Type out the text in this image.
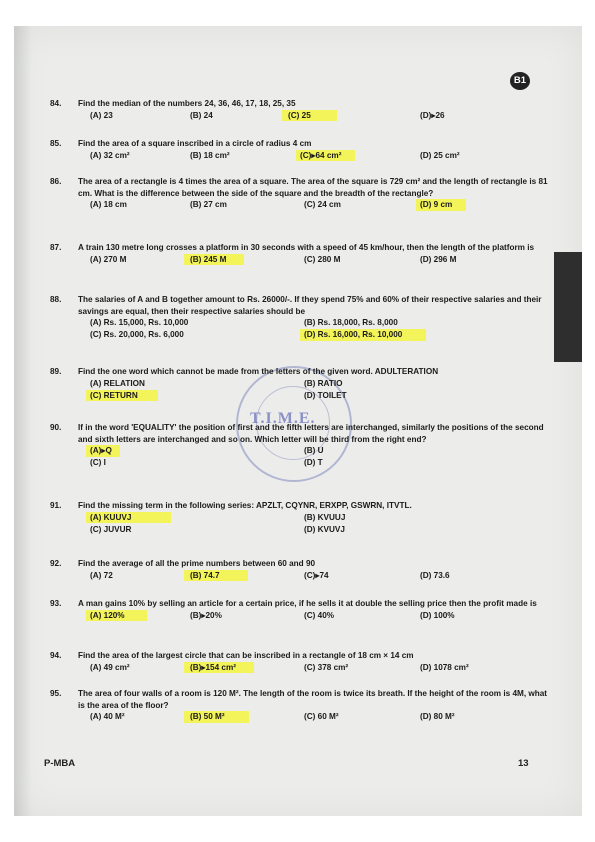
B1
T.I.M.E.
84.	Find the median of the numbers 24, 36, 46, 17, 18, 25, 35
(A) 23	(B) 24	(C) 25	(D)▸26
85.	Find the area of a square inscribed in a circle of radius 4 cm
(A) 32 cm²	(B) 18 cm²	(C)▸64 cm²	(D) 25 cm²
86.	The area of a rectangle is 4 times the area of a square. The area of the square is 729 cm² and the length of rectangle is 81 cm. What is the difference between the side of the square and the breadth of the rectangle?
(A) 18 cm	(B) 27 cm	(C) 24 cm	(D) 9 cm
87.	A train 130 metre long crosses a platform in 30 seconds with a speed of 45 km/hour, then the length of the platform is
(A) 270 M	(B) 245 M	(C) 280 M	(D) 296 M
88.	The salaries of A and B together amount to Rs. 26000/-. If they spend 75% and 60% of their respective salaries and their savings are equal, then their respective salaries should be
(A) Rs. 15,000, Rs. 10,000	(B) Rs. 18,000, Rs. 8,000
(C) Rs. 20,000, Rs. 6,000	(D) Rs. 16,000, Rs. 10,000
89.	Find the one word which cannot be made from the letters of the given word. ADULTERATION
(A) RELATION	(B) RATIO
(C) RETURN	(D) TOILET
90.	If in the word 'EQUALITY' the position of first and the fifth letters are interchanged, similarly the positions of the second and sixth letters are interchanged and so on. Which letter will be third from the right end?
(A)▸Q	(B) U
(C) I	(D) T
91.	Find the missing term in the following series: APZLT, CQYNR, ERXPP, GSWRN, ITVTL.
(A) KUUVJ	(B) KVUUJ
(C) JUVUR	(D) KVUVJ
92.	Find the average of all the prime numbers between 60 and 90
(A) 72	(B) 74.7	(C)▸74	(D) 73.6
93.	A man gains 10% by selling an article for a certain price, if he sells it at double the selling price then the profit made is
(A) 120%	(B)▸20%	(C) 40%	(D) 100%
94.	Find the area of the largest circle that can be inscribed in a rectangle of 18 cm × 14 cm
(A) 49 cm²	(B)▸154 cm²	(C) 378 cm²	(D) 1078 cm²
95.	The area of four walls of a room is 120 M². The length of the room is twice its breath. If the height of the room is 4M, what is the area of the floor?
(A) 40 M²	(B) 50 M²	(C) 60 M²	(D) 80 M²
P-MBA	13
